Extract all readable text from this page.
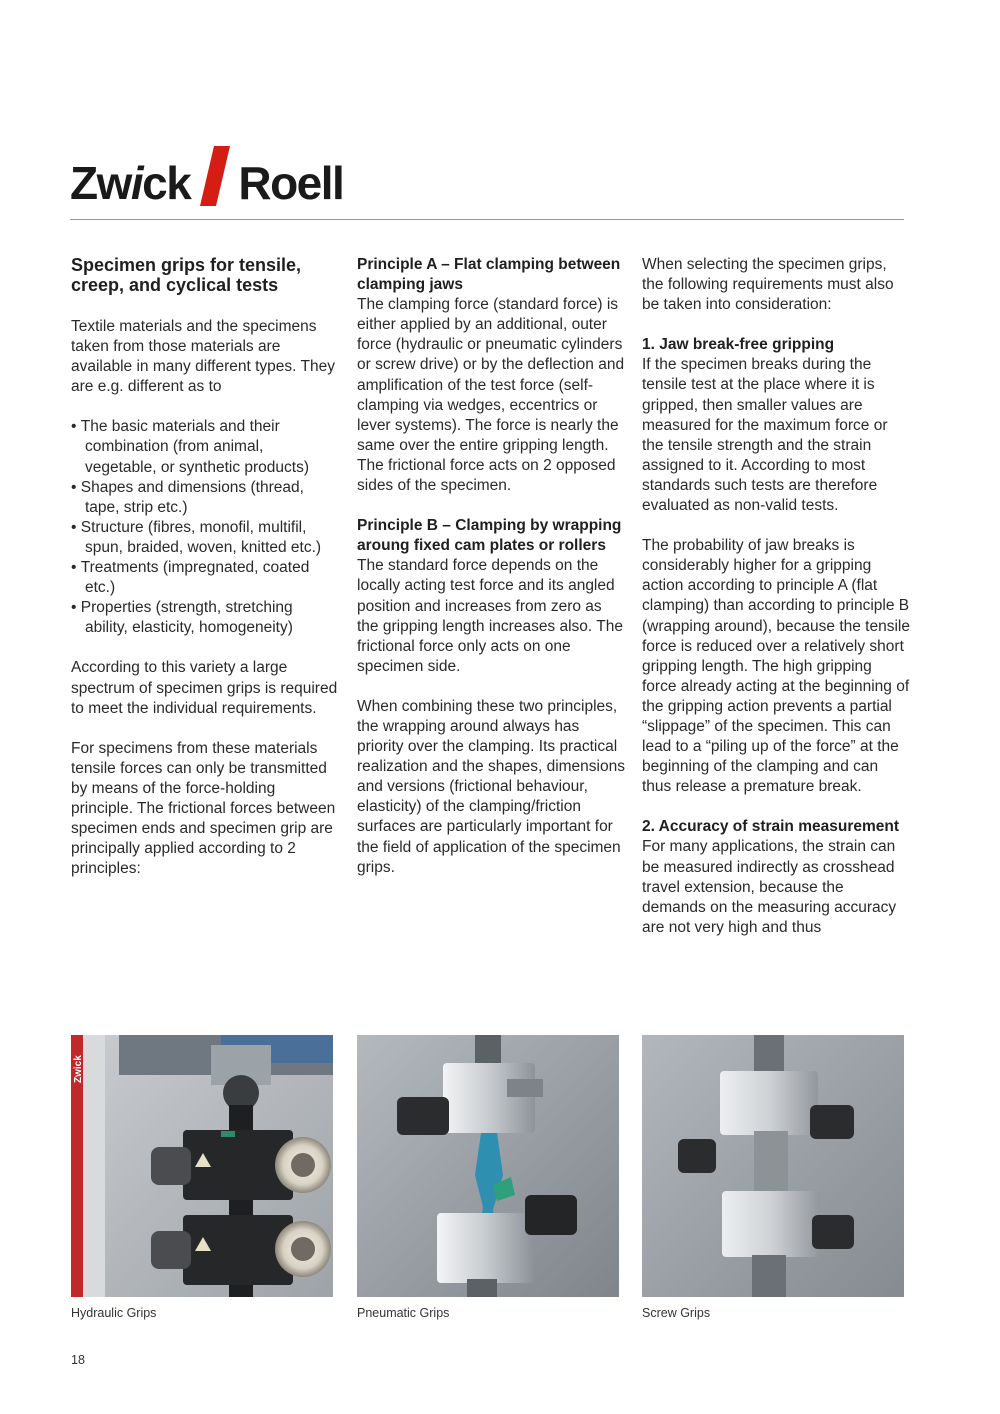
Zwick Roell
Specimen grips for tensile, creep, and cyclical tests

Textile materials and the specimens taken from those materials are available in many different types. They are e.g. different as to

• The basic materials and their combination (from animal, vegetable, or synthetic products)
• Shapes and dimensions (thread, tape, strip etc.)
• Structure (fibres, monofil, multifil, spun, braided, woven, knitted etc.)
• Treatments (impregnated, coated etc.)
• Properties (strength, stretching ability, elasticity, homogeneity)

According to this variety a large spectrum of specimen grips is required to meet the individual requirements.

For specimens from these materials tensile forces can only be transmitted by means of the force-holding principle. The frictional forces between specimen ends and specimen grip are principally applied according to 2 principles:

Principle A – Flat clamping between clamping jaws

The clamping force (standard force) is either applied by an additional, outer force (hydraulic or pneumatic cylinders or screw drive) or by the deflection and amplification of the test force (self-clamping via wedges, eccentrics or lever systems). The force is nearly the same over the entire gripping length. The frictional force acts on 2 opposed sides of the specimen.

Principle B – Clamping by wrapping aroung fixed cam plates or rollers

The standard force depends on the locally acting test force and its angled position and increases from zero as the gripping length increases also. The frictional force only acts on one specimen side.

When combining these two principles, the wrapping around always has priority over the clamping. Its practical realization and the shapes, dimensions and versions (frictional behaviour, elasticity) of the clamping/friction surfaces are particularly important for the field of application of the specimen grips.

When selecting the specimen grips, the following requirements must also be taken into consideration:

1. Jaw break-free gripping

If the specimen breaks during the tensile test at the place where it is gripped, then smaller values are measured for the maximum force or the tensile strength and the strain assigned to it. According to most standards such tests are therefore evaluated as non-valid tests.

The probability of jaw breaks is considerably higher for a gripping action according to principle A (flat clamping) than according to principle B (wrapping around), because the tensile force is reduced over a relatively short gripping length. The high gripping force already acting at the beginning of the gripping action prevents a partial “slippage” of the specimen. This can lead to a “piling up of the force” at the beginning of the clamping and can thus release a premature break.

2. Accuracy of strain measurement

For many applications, the strain can be measured indirectly as crosshead travel extension, because the demands on the measuring accuracy are not very high and thus

Zwick
Hydraulic Grips	Pneumatic Grips	Screw Grips
18
